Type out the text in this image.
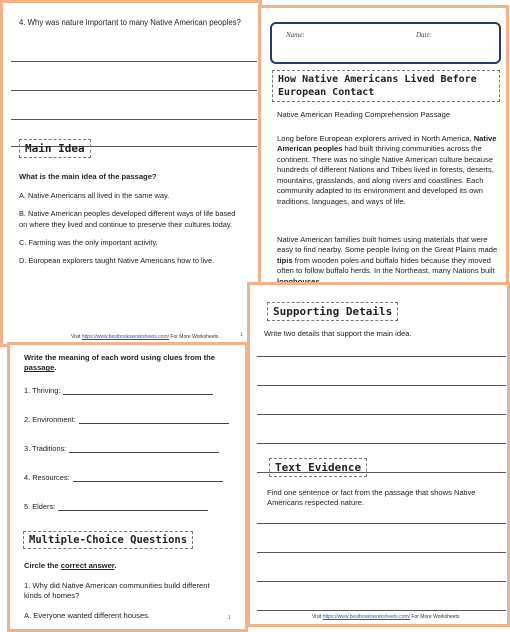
4. Why was nature important to many Native American peoples?
Main Idea
What is the main idea of the passage?
A. Native Americans all lived in the same way.
B. Native American peoples developed different ways of life based on where they lived and continue to preserve their cultures today.
C. Farming was the only important activity.
D. European explorers taught Native Americans how to live.
Visit https://www.bestbooksworksheets.com/ For More Worksheets	1
Name:	Date:
How Native Americans Lived Before European Contact
Native American Reading Comprehension Passage
Long before European explorers arrived in North America, Native American peoples had built thriving communities across the continent. There was no single Native American culture because hundreds of different Nations and Tribes lived in forests, deserts, mountains, grasslands, and along rivers and coastlines. Each community adapted to its environment and developed its own traditions, languages, and ways of life.
Native American families built homes using materials that were easy to find nearby. Some people living on the Great Plains made tipis from wooden poles and buffalo hides because they moved often to follow buffalo herds. In the Northeast, many Nations built
Write the meaning of each word using clues from the passage.
1. Thriving:
2. Environment:
3. Traditions:
4. Resources:
5. Elders:
Multiple-Choice Questions
Circle the correct answer.
1. Why did Native American communities build different kinds of homes?
A. Everyone wanted different houses.	1
Supporting Details
Write two details that support the main idea.
Text Evidence
Find one sentence or fact from the passage that shows Native Americans respected nature.
Visit https://www.bestbooksworksheets.com/ For More Worksheets
